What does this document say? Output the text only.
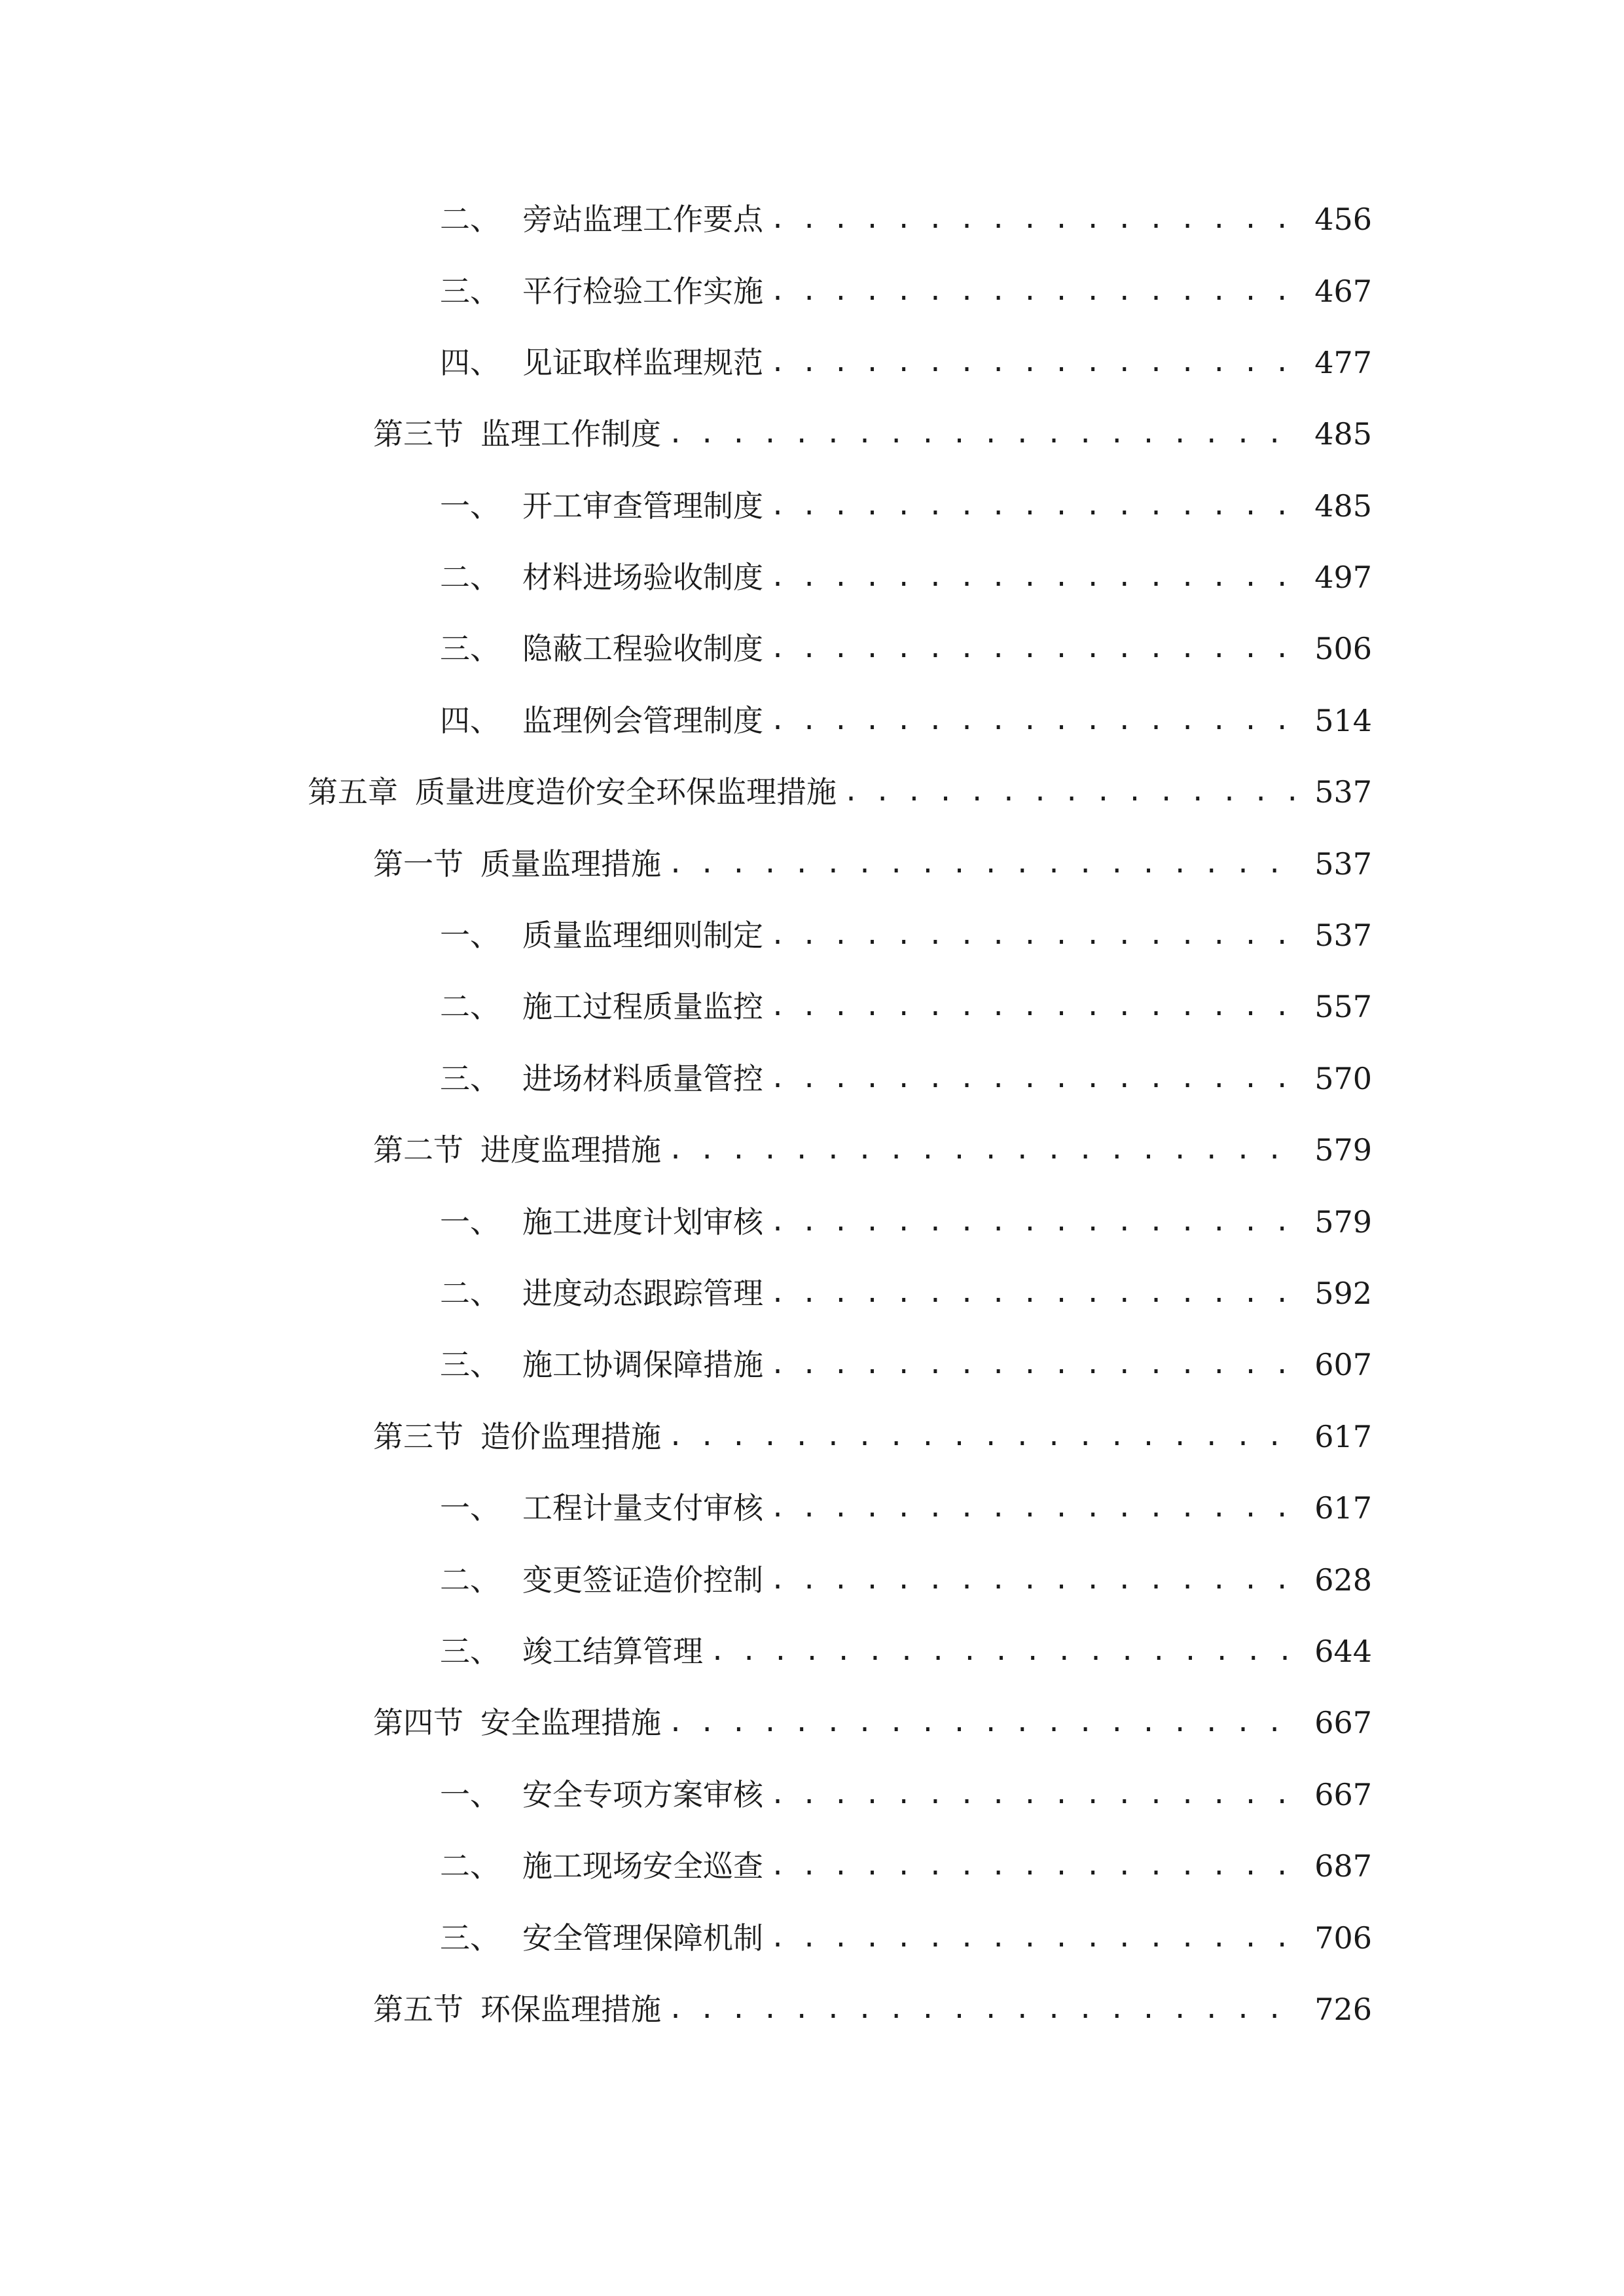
二、 旁站监理工作要点 . . .	456
三、 平行检验工作实施 . . .	467
四、 见证取样监理规范 . . .	477
第三节 监理工作制度 . . .	485
一、 开工审查管理制度 . . .	485
二、 材料进场验收制度 . . .	497
三、 隐蔽工程验收制度 . . .	506
四、 监理例会管理制度 . . .	514
第五章 质量进度造价安全环保监理措施 . . .	537
第一节 质量监理措施 . . .	537
一、 质量监理细则制定 . . .	537
二、 施工过程质量监控 . . .	557
三、 进场材料质量管控 . . .	570
第二节 进度监理措施 . . .	579
一、 施工进度计划审核 . . .	579
二、 进度动态跟踪管理 . . .	592
三、 施工协调保障措施 . . .	607
第三节 造价监理措施 . . .	617
一、 工程计量支付审核 . . .	617
二、 变更签证造价控制 . . .	628
三、 竣工结算管理 . . .	644
第四节 安全监理措施 . . .	667
一、 安全专项方案审核 . . .	667
二、 施工现场安全巡查 . . .	687
三、 安全管理保障机制 . . .	706
第五节 环保监理措施 . . .	726
